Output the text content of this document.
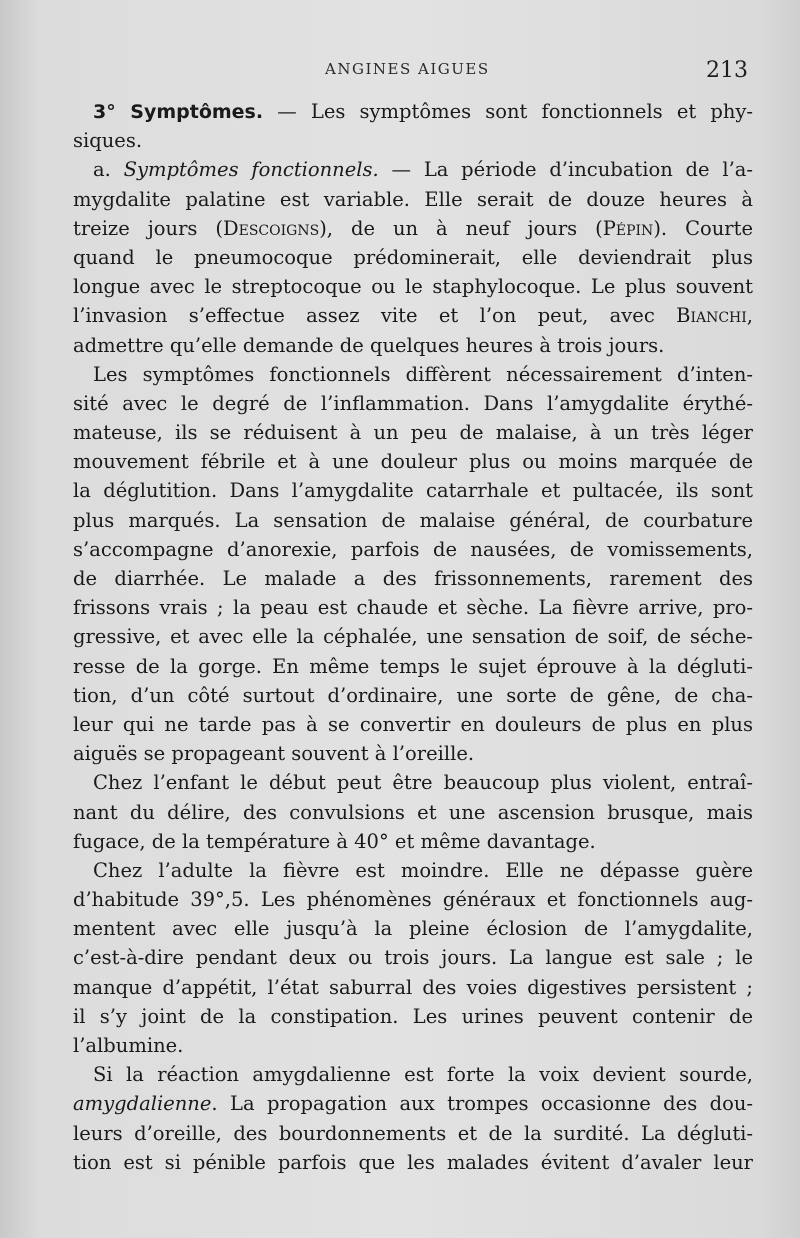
ANGINES AIGUES	213
3° Symptômes. — Les symptômes sont fonctionnels et phy-
siques.
a. Symptômes fonctionnels. — La période d’incubation de l’a-
mygdalite palatine est variable. Elle serait de douze heures à
treize jours (Descoigns), de un à neuf jours (Pépin). Courte
quand le pneumocoque prédominerait, elle deviendrait plus
longue avec le streptocoque ou le staphylocoque. Le plus souvent
l’invasion s’effectue assez vite et l’on peut, avec Bianchi,
admettre qu’elle demande de quelques heures à trois jours.
Les symptômes fonctionnels diffèrent nécessairement d’inten-
sité avec le degré de l’inflammation. Dans l’amygdalite érythé-
mateuse, ils se réduisent à un peu de malaise, à un très léger
mouvement fébrile et à une douleur plus ou moins marquée de
la déglutition. Dans l’amygdalite catarrhale et pultacée, ils sont
plus marqués. La sensation de malaise général, de courbature
s’accompagne d’anorexie, parfois de nausées, de vomissements,
de diarrhée. Le malade a des frissonnements, rarement des
frissons vrais ; la peau est chaude et sèche. La fièvre arrive, pro-
gressive, et avec elle la céphalée, une sensation de soif, de séche-
resse de la gorge. En même temps le sujet éprouve à la dégluti-
tion, d’un côté surtout d’ordinaire, une sorte de gêne, de cha-
leur qui ne tarde pas à se convertir en douleurs de plus en plus
aiguës se propageant souvent à l’oreille.
Chez l’enfant le début peut être beaucoup plus violent, entraî-
nant du délire, des convulsions et une ascension brusque, mais
fugace, de la température à 40° et même davantage.
Chez l’adulte la fièvre est moindre. Elle ne dépasse guère
d’habitude 39°,5. Les phénomènes généraux et fonctionnels aug-
mentent avec elle jusqu’à la pleine éclosion de l’amygdalite,
c’est-à-dire pendant deux ou trois jours. La langue est sale ; le
manque d’appétit, l’état saburral des voies digestives persistent ;
il s’y joint de la constipation. Les urines peuvent contenir de
l’albumine.
Si la réaction amygdalienne est forte la voix devient sourde,
amygdalienne. La propagation aux trompes occasionne des dou-
leurs d’oreille, des bourdonnements et de la surdité. La dégluti-
tion est si pénible parfois que les malades évitent d’avaler leur
